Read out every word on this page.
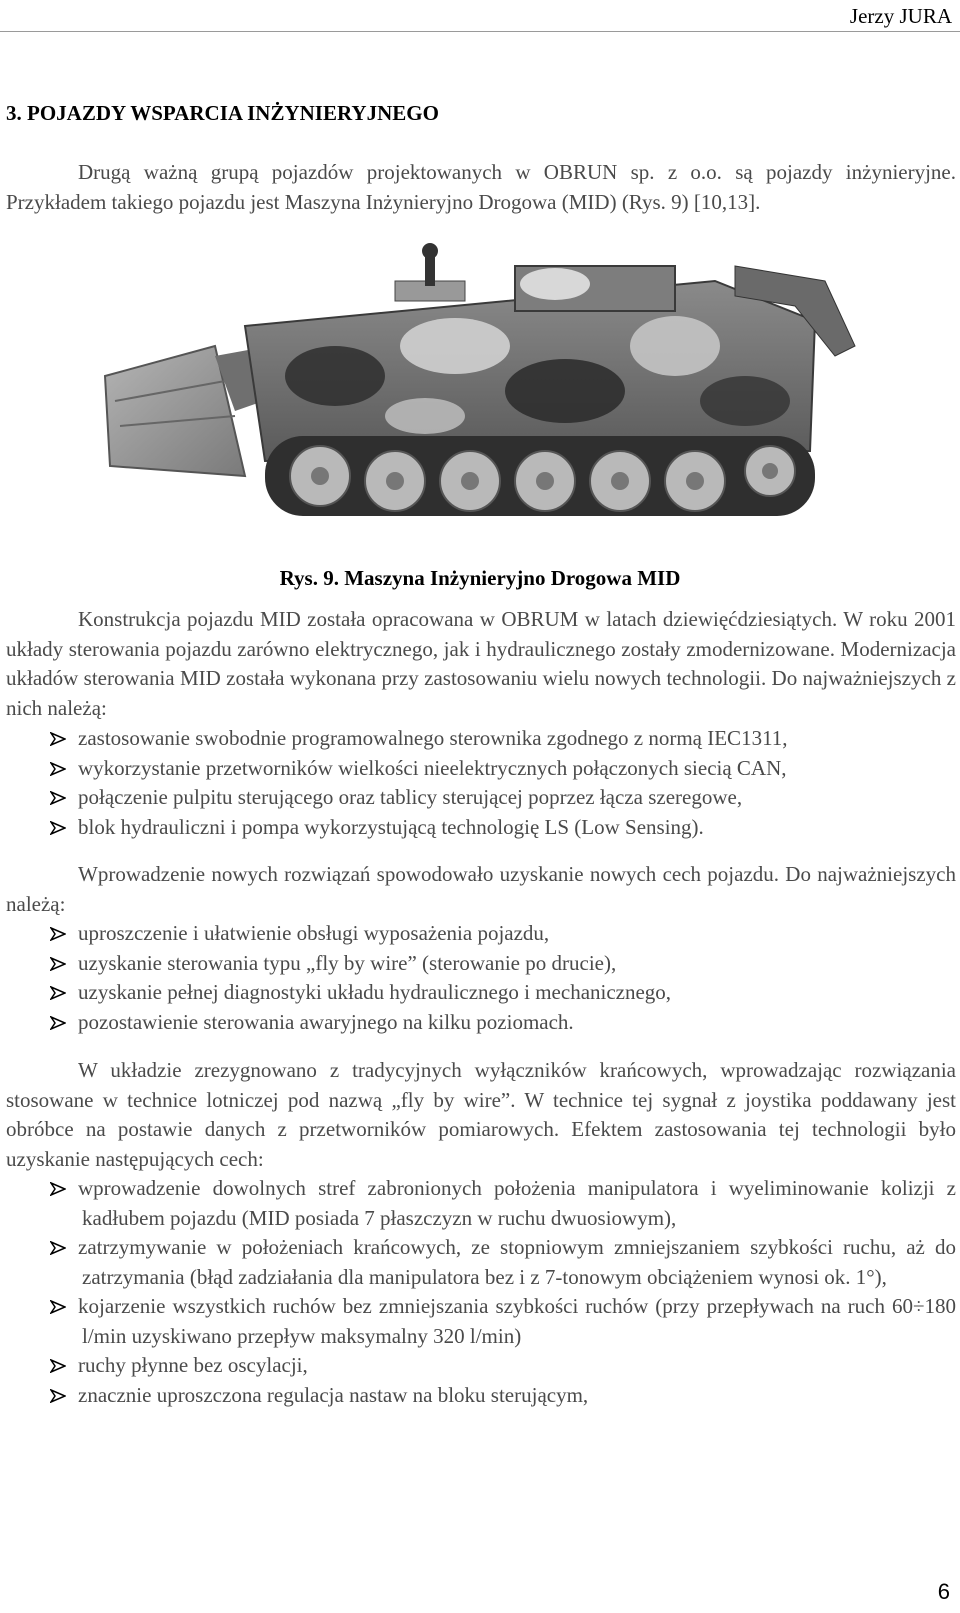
Jerzy JURA
3. POJAZDY WSPARCIA INŻYNIERYJNEGO

Drugą ważną grupą pojazdów projektowanych w OBRUN sp. z o.o. są pojazdy inżynieryjne. Przykładem takiego pojazdu jest Maszyna Inżynieryjno Drogowa (MID) (Rys. 9) [10,13].

Rys. 9. Maszyna Inżynieryjno Drogowa MID

Konstrukcja pojazdu MID została opracowana w OBRUM w latach dziewięćdziesiątych. W roku 2001 układy sterowania pojazdu zarówno elektrycznego, jak i hydraulicznego zostały zmodernizowane. Modernizacja układów sterowania MID została wykonana przy zastosowaniu wielu nowych technologii. Do najważniejszych z nich należą:

zastosowanie swobodnie programowalnego sterownika zgodnego z normą IEC1311,
wykorzystanie przetworników wielkości nieelektrycznych połączonych siecią CAN,
połączenie pulpitu sterującego oraz tablicy sterującej poprzez łącza szeregowe,
blok hydrauliczni i pompa wykorzystującą technologię LS (Low Sensing).

Wprowadzenie nowych rozwiązań spowodowało uzyskanie nowych cech pojazdu. Do najważniejszych należą:

uproszczenie i ułatwienie obsługi wyposażenia pojazdu,
uzyskanie sterowania typu „fly by wire” (sterowanie po drucie),
uzyskanie pełnej diagnostyki układu hydraulicznego i mechanicznego,
pozostawienie sterowania awaryjnego na kilku poziomach.

W układzie zrezygnowano z tradycyjnych wyłączników krańcowych, wprowadzając rozwiązania stosowane w technice lotniczej pod nazwą „fly by wire”. W technice tej sygnał z joystika poddawany jest obróbce na postawie danych z przetworników pomiarowych. Efektem zastosowania tej technologii było uzyskanie następujących cech:

wprowadzenie dowolnych stref zabronionych położenia manipulatora i wyeliminowanie kolizji z kadłubem pojazdu (MID posiada 7 płaszczyzn w ruchu dwuosiowym),
zatrzymywanie w położeniach krańcowych, ze stopniowym zmniejszaniem szybkości ruchu, aż do zatrzymania (błąd zadziałania dla manipulatora bez i z 7-tonowym obciążeniem wynosi ok. 1°),
kojarzenie wszystkich ruchów bez zmniejszania szybkości ruchów (przy przepływach na ruch 60÷180 l/min uzyskiwano przepływ maksymalny 320 l/min)
ruchy płynne bez oscylacji,
znacznie uproszczona regulacja nastaw na bloku sterującym,
6
